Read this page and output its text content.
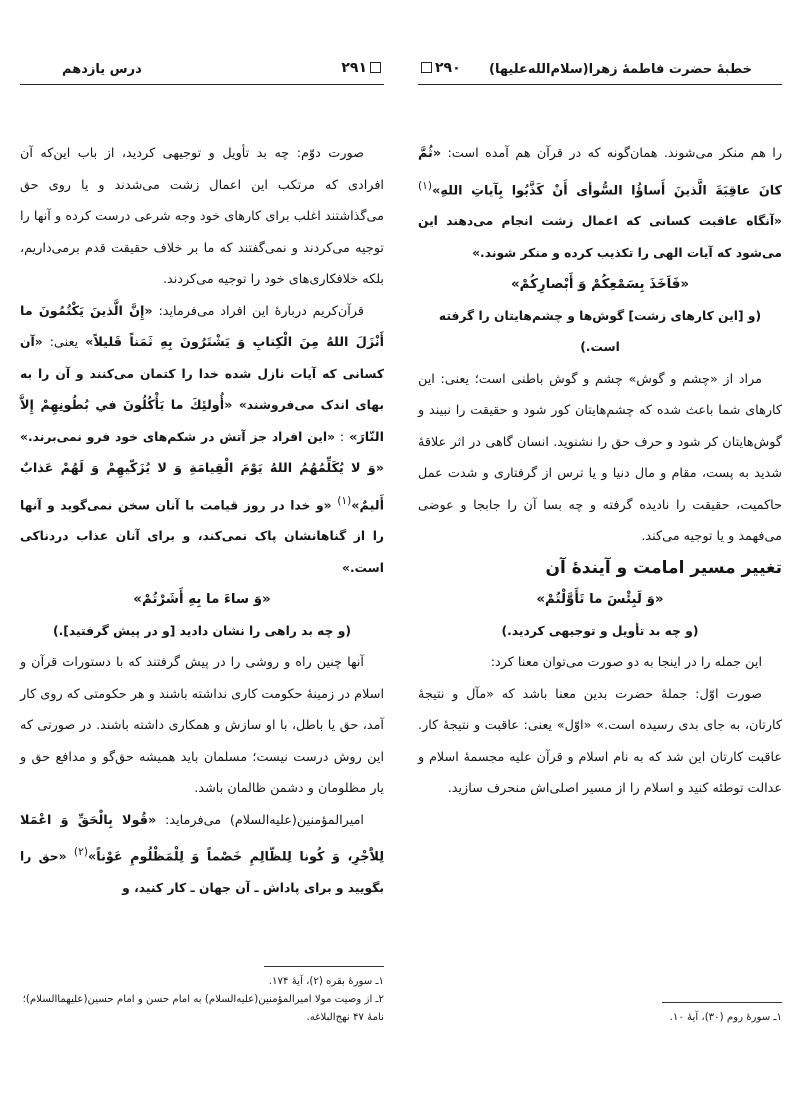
خطبهٔ حضرت فاطمهٔ زهرا(سلام‌الله‌علیها)
۲۹۰

را هم منکر می‌شوند. همان‌گونه که در قرآن هم آمده است: «ثُمَّ كانَ عاقِبَةَ الَّذينَ أَساؤُا السُّوأى أَنْ كَذَّبُوا بِآياتِ اللهِ»$^{(۱)}$ «آنگاه عاقبت کسانی که اعمال زشت انجام می‌دهند این می‌شود که آیات الهی را تکذیب کرده و منکر شوند.»

«فَاَخَذَ بِسَمْعِكُمْ وَ أَبْصارِكُمْ»

(و [این کارهای زشت] گوش‌ها و چشم‌هایتان را گرفته است.)

مراد از «چشم و گوش» چشم و گوش باطنی است؛ یعنی: این کارهای شما باعث شده که چشم‌هایتان کور شود و حقیقت را نبیند و گوش‌هایتان کر شود و حرف حق را نشنوید. انسان گاهی در اثر علاقهٔ شدید به پست، مقام و مال دنیا و یا ترس از گرفتاری و شدت عمل حاکمیت، حقیقت را نادیده گرفته و چه بسا آن را جابجا و عوضی می‌فهمد و یا توجیه می‌کند.

تغییر مسیر امامت و آیندهٔ آن

«وَ لَبِئْسَ ما تَأَوَّلْتُمْ»

(و چه بد تأویل و توجیهی کردید.)

این جمله را در اینجا به دو صورت می‌توان معنا کرد:

صورت اوّل: جملهٔ حضرت بدین معنا باشد که «مآل و نتیجهٔ کارتان، به جای بدی رسیده است.» «اوّل» یعنی: عاقبت و نتیجهٔ کار. عاقبت کارتان این شد که به نام اسلام و قرآن علیه مجسمهٔ اسلام و عدالت توطئه کنید و اسلام را از مسیر اصلی‌اش منحرف سازید.

۱ـ سورهٔ روم (۳۰)، آیهٔ ۱۰.
درس یازدهم	۲۹۱

صورت دوّم: چه بد تأویل و توجیهی کردید، از باب این‌که آن افرادی که مرتکب این اعمال زشت می‌شدند و یا روی حق می‌گذاشتند اغلب برای کارهای خود وجه شرعی درست کرده و آنها را توجیه می‌کردند و نمی‌گفتند که ما بر خلاف حقیقت قدم برمی‌داریم، بلکه خلافکاری‌های خود را توجیه می‌کردند.

قرآن‌کریم دربارهٔ این افراد می‌فرماید: «إِنَّ الَّذينَ يَكْتُمُونَ ما أَنْزَلَ اللهُ مِنَ الْكِتابِ وَ يَشْتَرُونَ بِهِ ثَمَناً قَليلاً» یعنی: «آن کسانی که آیات نازل شده خدا را کتمان می‌کنند و آن را به بهای اندک می‌فروشند» «أُولئِكَ ما يَأْكُلُونَ في بُطُونِهِمْ إِلاَّ النّارَ» : «این افراد جز آتش در شکم‌های خود فرو نمی‌برند.» «وَ لا يُكَلِّمُهُمُ اللهُ يَوْمَ الْقِيامَةِ وَ لا يُزَكّيهِمْ وَ لَهُمْ عَذابٌ أَليمٌ»$^{(۱)}$ «و خدا در روز قیامت با آنان سخن نمی‌گوید و آنها را از گناهانشان پاک نمی‌کند، و برای آنان عذاب دردناکی است.»

«وَ ساءَ ما بِهِ أَشَرْتُمْ»

(و چه بد راهی را نشان دادید [و در پیش گرفتید].)

آنها چنین راه و روشی را در پیش گرفتند که با دستورات قرآن و اسلام در زمینهٔ حکومت کاری نداشته باشند و هر حکومتی که روی کار آمد، حق یا باطل، با او سازش و همکاری داشته باشند. در صورتی که این روش درست نیست؛ مسلمان باید همیشه حق‌گو و مدافع حق و یار مظلومان و دشمن ظالمان باشد.

امیرالمؤمنین(علیه‌السلام) می‌فرماید: «قُولا بِالْحَقِّ وَ اعْمَلا لِلاَْجْرِ، وَ كُونا لِلظّالِمِ خَصْماً وَ لِلْمَظْلُومِ عَوْناً»$^{(۲)}$ «حق را بگویید و برای پاداش ـ آن جهان ـ کار کنید، و

۱ـ سورهٔ بقره (۲)، آیهٔ ۱۷۴.
۲ـ از وصیت مولا امیرالمؤمنین(علیه‌السلام) به امام حسن و امام حسین(علیهماالسلام)؛ نامهٔ ۴۷ نهج‌البلاغه.
